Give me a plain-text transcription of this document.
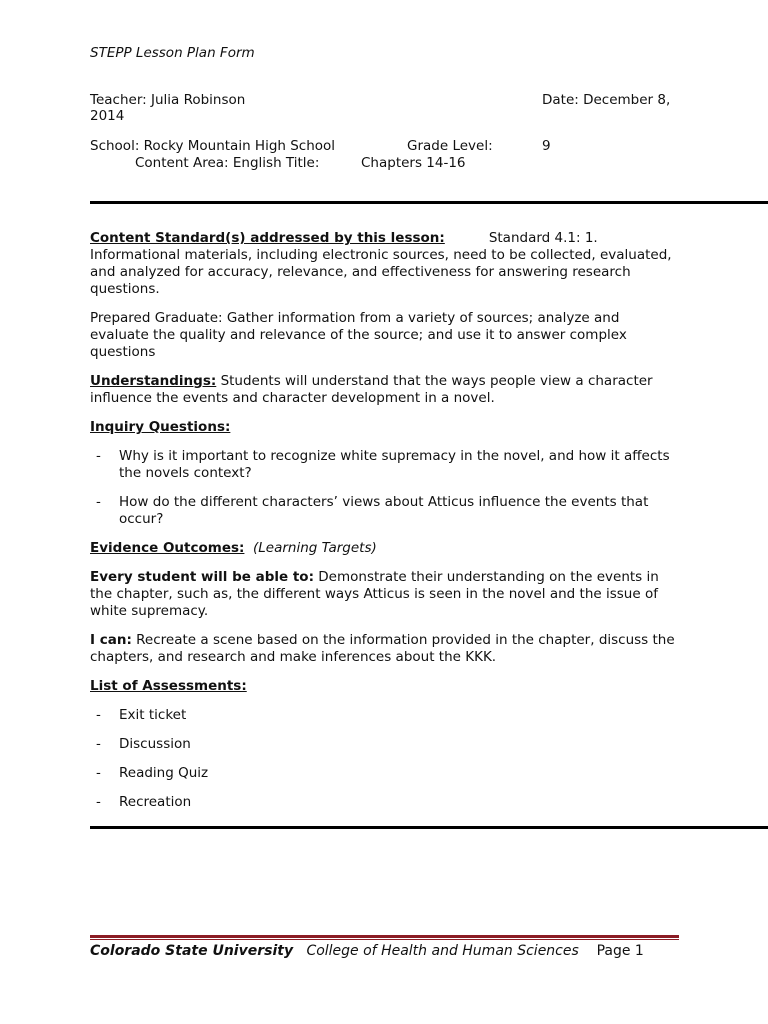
STEPP Lesson Plan Form
Teacher: Julia Robinson	Date: December 8,
2014
School: Rocky Mountain High School	Grade Level:	9
Content Area: English Title:	Chapters 14-16

Content Standard(s) addressed by this lesson:	Standard 4.1: 1. Informational materials, including electronic sources, need to be collected, evaluated, and analyzed for accuracy, relevance, and effectiveness for answering research questions.

Prepared Graduate: Gather information from a variety of sources; analyze and evaluate the quality and relevance of the source; and use it to answer complex questions

Understandings: Students will understand that the ways people view a character influence the events and character development in a novel.

Inquiry Questions:

- Why is it important to recognize white supremacy in the novel, and how it affects the novels context?
- How do the different characters’ views about Atticus influence the events that occur?

Evidence Outcomes: (Learning Targets)

Every student will be able to: Demonstrate their understanding on the events in the chapter, such as, the different ways Atticus is seen in the novel and the issue of white supremacy.

I can: Recreate a scene based on the information provided in the chapter, discuss the chapters, and research and make inferences about the KKK.

List of Assessments:

- Exit ticket
- Discussion
- Reading Quiz
- Recreation
Colorado State University College of Health and Human Sciences Page 1
